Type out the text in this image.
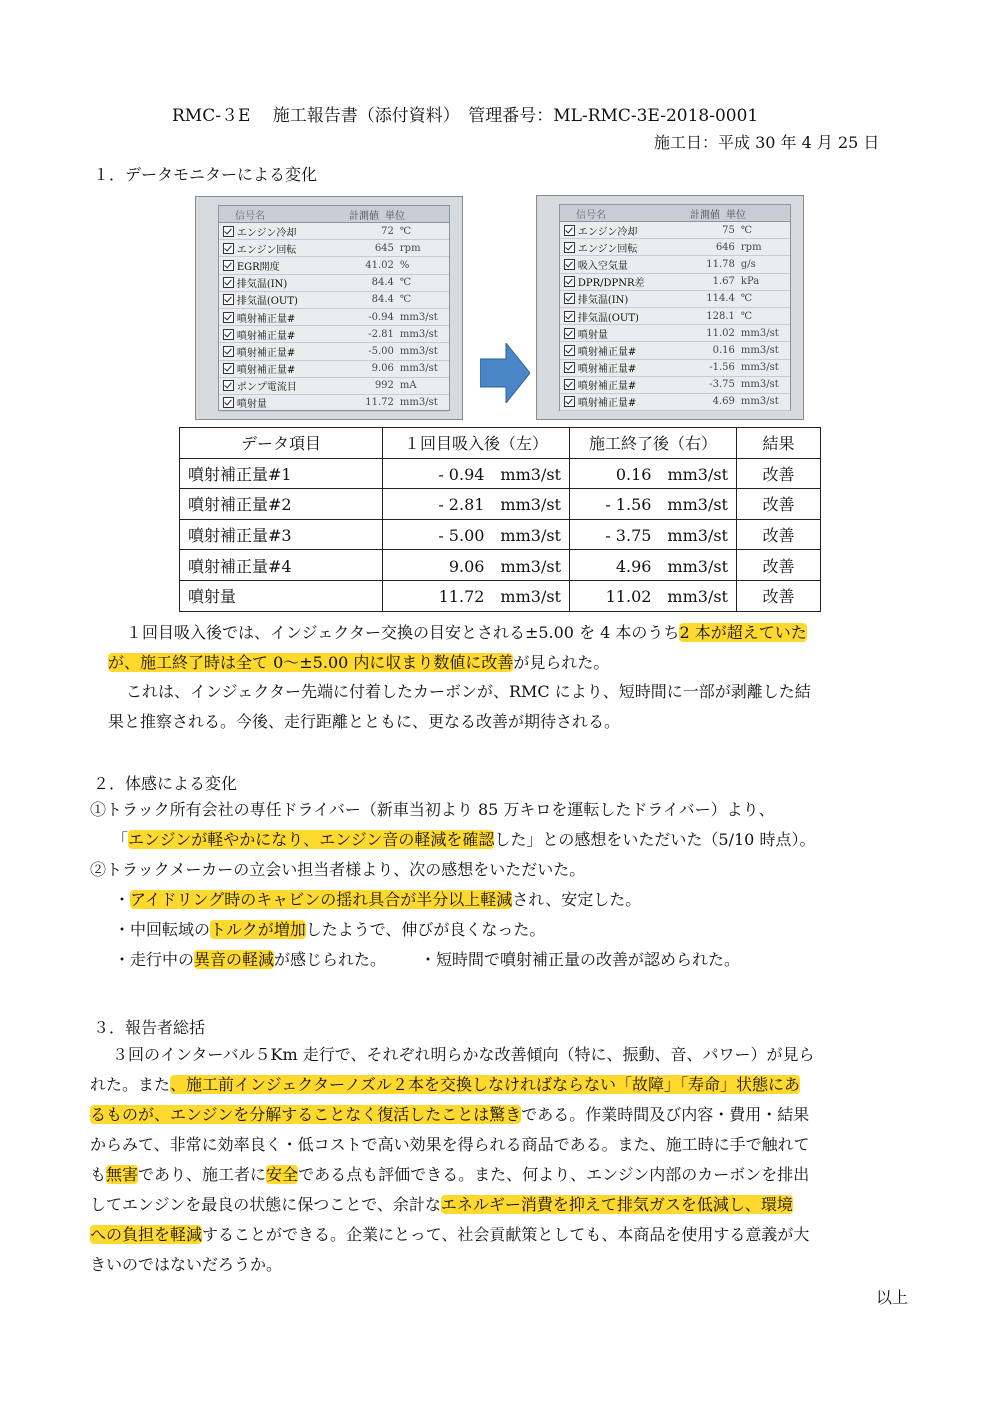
RMC-３E　 施工報告書（添付資料）　管理番号：ML-RMC-3E-2018-0001
施工日：平成 30 年 4 月 25 日
１．データモニターによる変化
信号名	計測値 単位
エンジン冷却	72 ℃
エンジン回転	645 rpm
EGR開度	41.02 %
排気温(IN)	84.4 ℃
排気温(OUT)	84.4 ℃
噴射補正量#	-0.94 mm3/st
噴射補正量#	-2.81 mm3/st
噴射補正量#	-5.00 mm3/st
噴射補正量#	9.06 mm3/st
ポンプ電流目	992 mA
噴射量	11.72 mm3/st
信号名	計測値 単位
エンジン冷却	75 ℃
エンジン回転	646 rpm
吸入空気量	11.78 g/s
DPR/DPNR差	1.67 kPa
排気温(IN)	114.4 ℃
排気温(OUT)	128.1 ℃
噴射量	11.02 mm3/st
噴射補正量#	0.16 mm3/st
噴射補正量#	-1.56 mm3/st
噴射補正量#	-3.75 mm3/st
噴射補正量#	4.69 mm3/st
データ項目	１回目吸入後（左）	施工終了後（右）	結果
噴射補正量#1	- 0.94　mm3/st	0.16　mm3/st	改善
噴射補正量#2	- 2.81　mm3/st	- 1.56　mm3/st	改善
噴射補正量#3	- 5.00　mm3/st	- 3.75　mm3/st	改善
噴射補正量#4	9.06　mm3/st	4.96　mm3/st	改善
噴射量	11.72　mm3/st	11.02　mm3/st	改善
１回目吸入後では、インジェクター交換の目安とされる±5.00 を 4 本のうち2 本が超えていた
が、施工終了時は全て 0～±5.00 内に収まり数値に改善が見られた。
これは、インジェクター先端に付着したカーボンが、RMC により、短時間に一部が剥離した結
果と推察される。今後、走行距離とともに、更なる改善が期待される。
２．体感による変化
①トラック所有会社の専任ドライバー（新車当初より 85 万キロを運転したドライバー）より、
「エンジンが軽やかになり、エンジン音の軽減を確認した」との感想をいただいた（5/10 時点）。
②トラックメーカーの立会い担当者様より、次の感想をいただいた。
・アイドリング時のキャビンの揺れ具合が半分以上軽減され、安定した。
・中回転域のトルクが増加したようで、伸びが良くなった。
・走行中の異音の軽減が感じられた。 ・短時間で噴射補正量の改善が認められた。
３．報告者総括
３回のインターバル５Km 走行で、それぞれ明らかな改善傾向（特に、振動、音、パワー）が見ら
れた。また、施工前インジェクターノズル２本を交換しなければならない「故障」「寿命」状態にあ
るものが、エンジンを分解することなく復活したことは驚きである。作業時間及び内容・費用・結果
からみて、非常に効率良く・低コストで高い効果を得られる商品である。また、施工時に手で触れて
も無害であり、施工者に安全である点も評価できる。また、何より、エンジン内部のカーボンを排出
してエンジンを最良の状態に保つことで、余計なエネルギー消費を抑えて排気ガスを低減し、環境
への負担を軽減することができる。企業にとって、社会貢献策としても、本商品を使用する意義が大
きいのではないだろうか。
以上
